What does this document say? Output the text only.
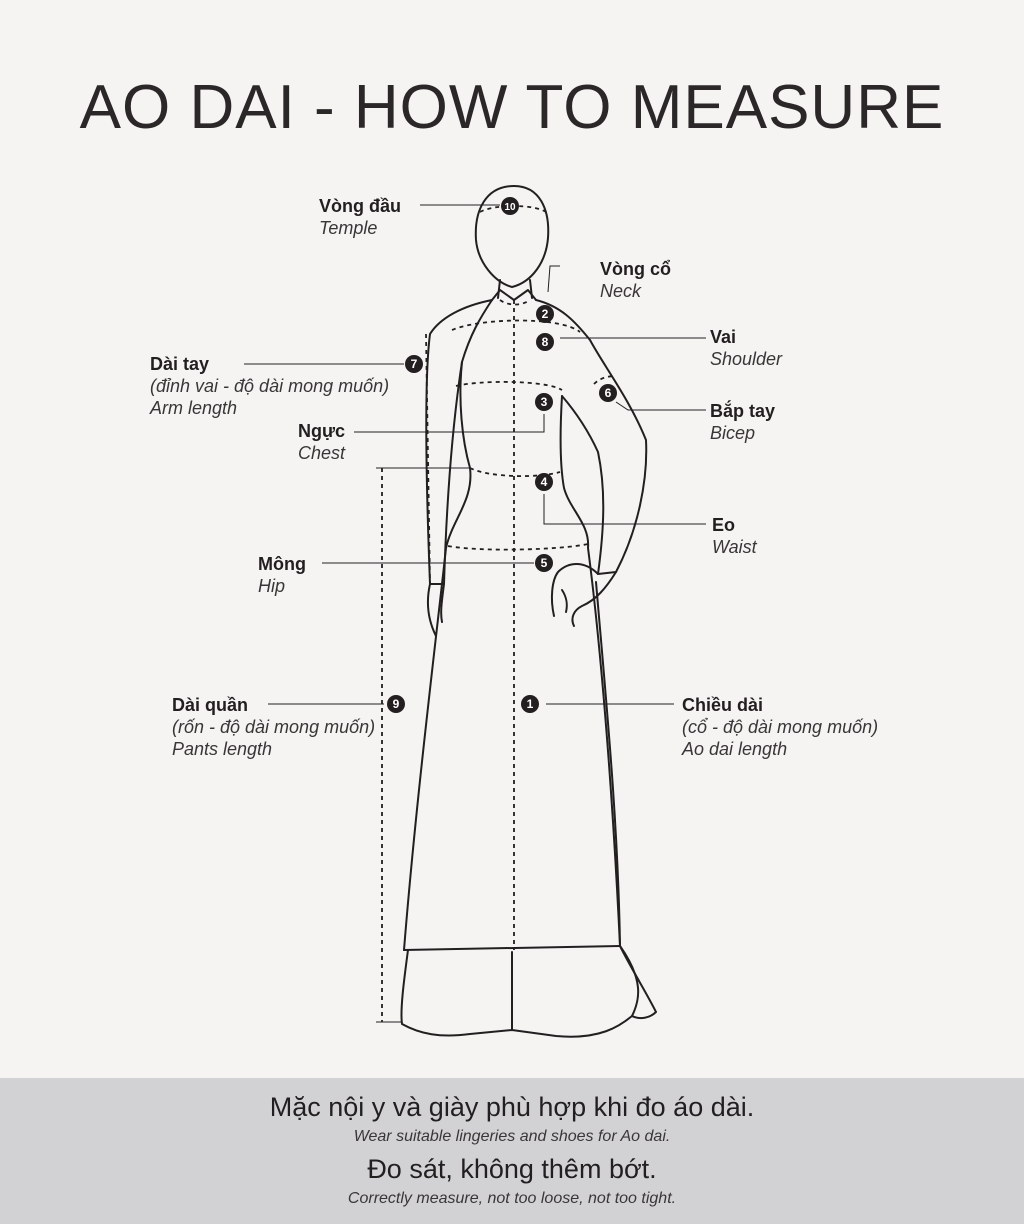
AO DAI - HOW TO MEASURE
1
2
3
4
5
6
7
8
9
10
Vòng đầu
Temple
Vòng cổ
Neck
Vai
Shoulder
Dài tay
(đỉnh vai - độ dài mong muốn)
Arm length	Bắp tay
Bicep
Ngực
Chest
Eo
Waist
Mông
Hip
Dài quần
(rốn - độ dài mong muốn)
Pants length
Chiều dài
(cổ - độ dài mong muốn)
Ao dai length
Mặc nội y và giày phù hợp khi đo áo dài.
Wear suitable lingeries and shoes for Ao dai.
Đo sát, không thêm bớt.
Correctly measure, not too loose, not too tight.
